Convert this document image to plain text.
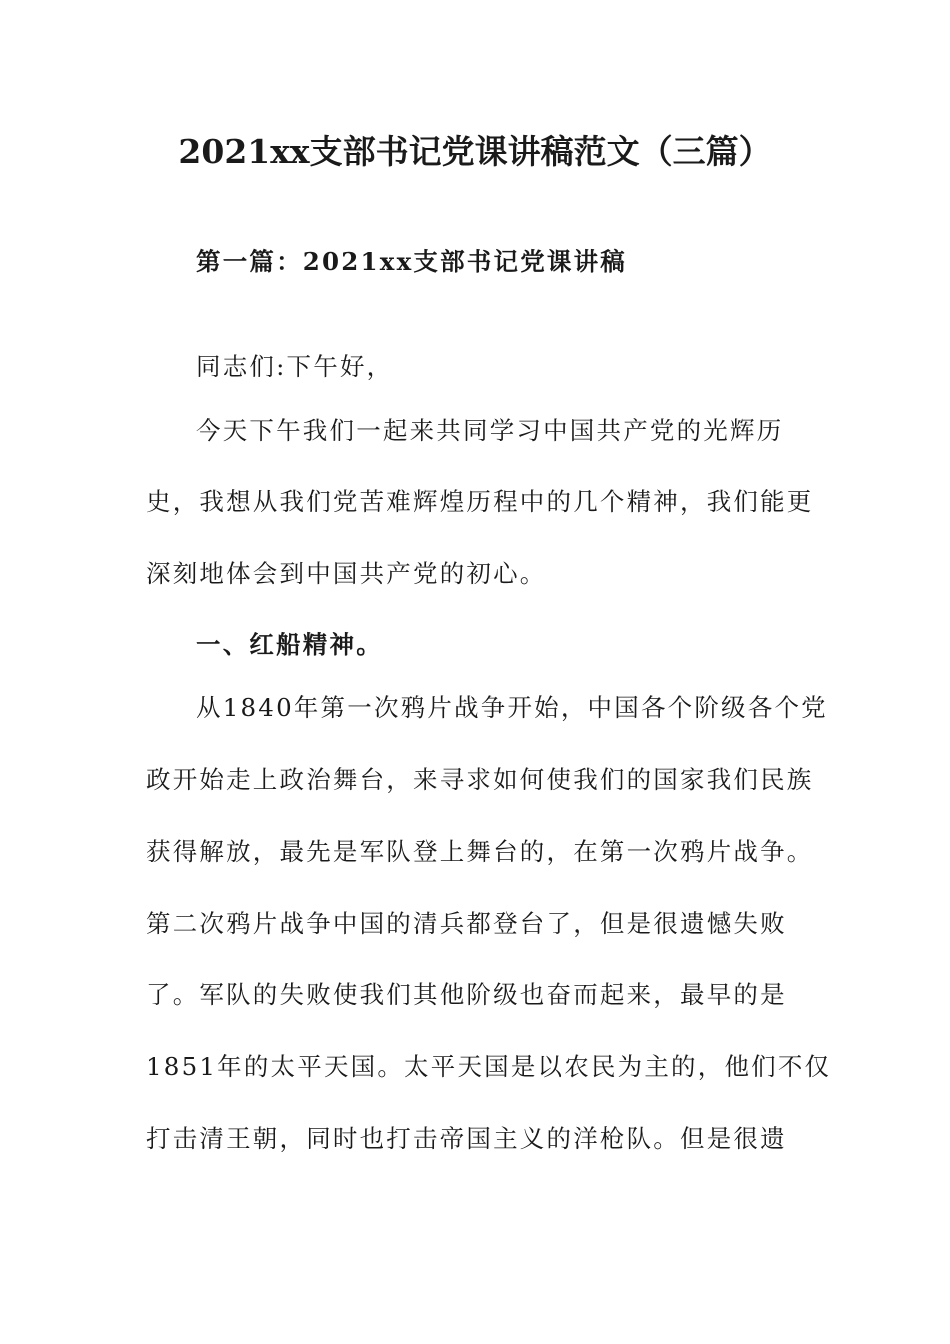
2021xx支部书记党课讲稿范文（三篇）
第一篇：2021xx支部书记党课讲稿
同志们:下午好，
今天下午我们一起来共同学习中国共产党的光辉历
史，我想从我们党苦难辉煌历程中的几个精神，我们能更
深刻地体会到中国共产党的初心。
一、红船精神。
从1840年第一次鸦片战争开始，中国各个阶级各个党
政开始走上政治舞台，来寻求如何使我们的国家我们民族
获得解放，最先是军队登上舞台的，在第一次鸦片战争。
第二次鸦片战争中国的清兵都登台了，但是很遗憾失败
了。军队的失败使我们其他阶级也奋而起来，最早的是
1851年的太平天国。太平天国是以农民为主的，他们不仅
打击清王朝，同时也打击帝国主义的洋枪队。但是很遗
